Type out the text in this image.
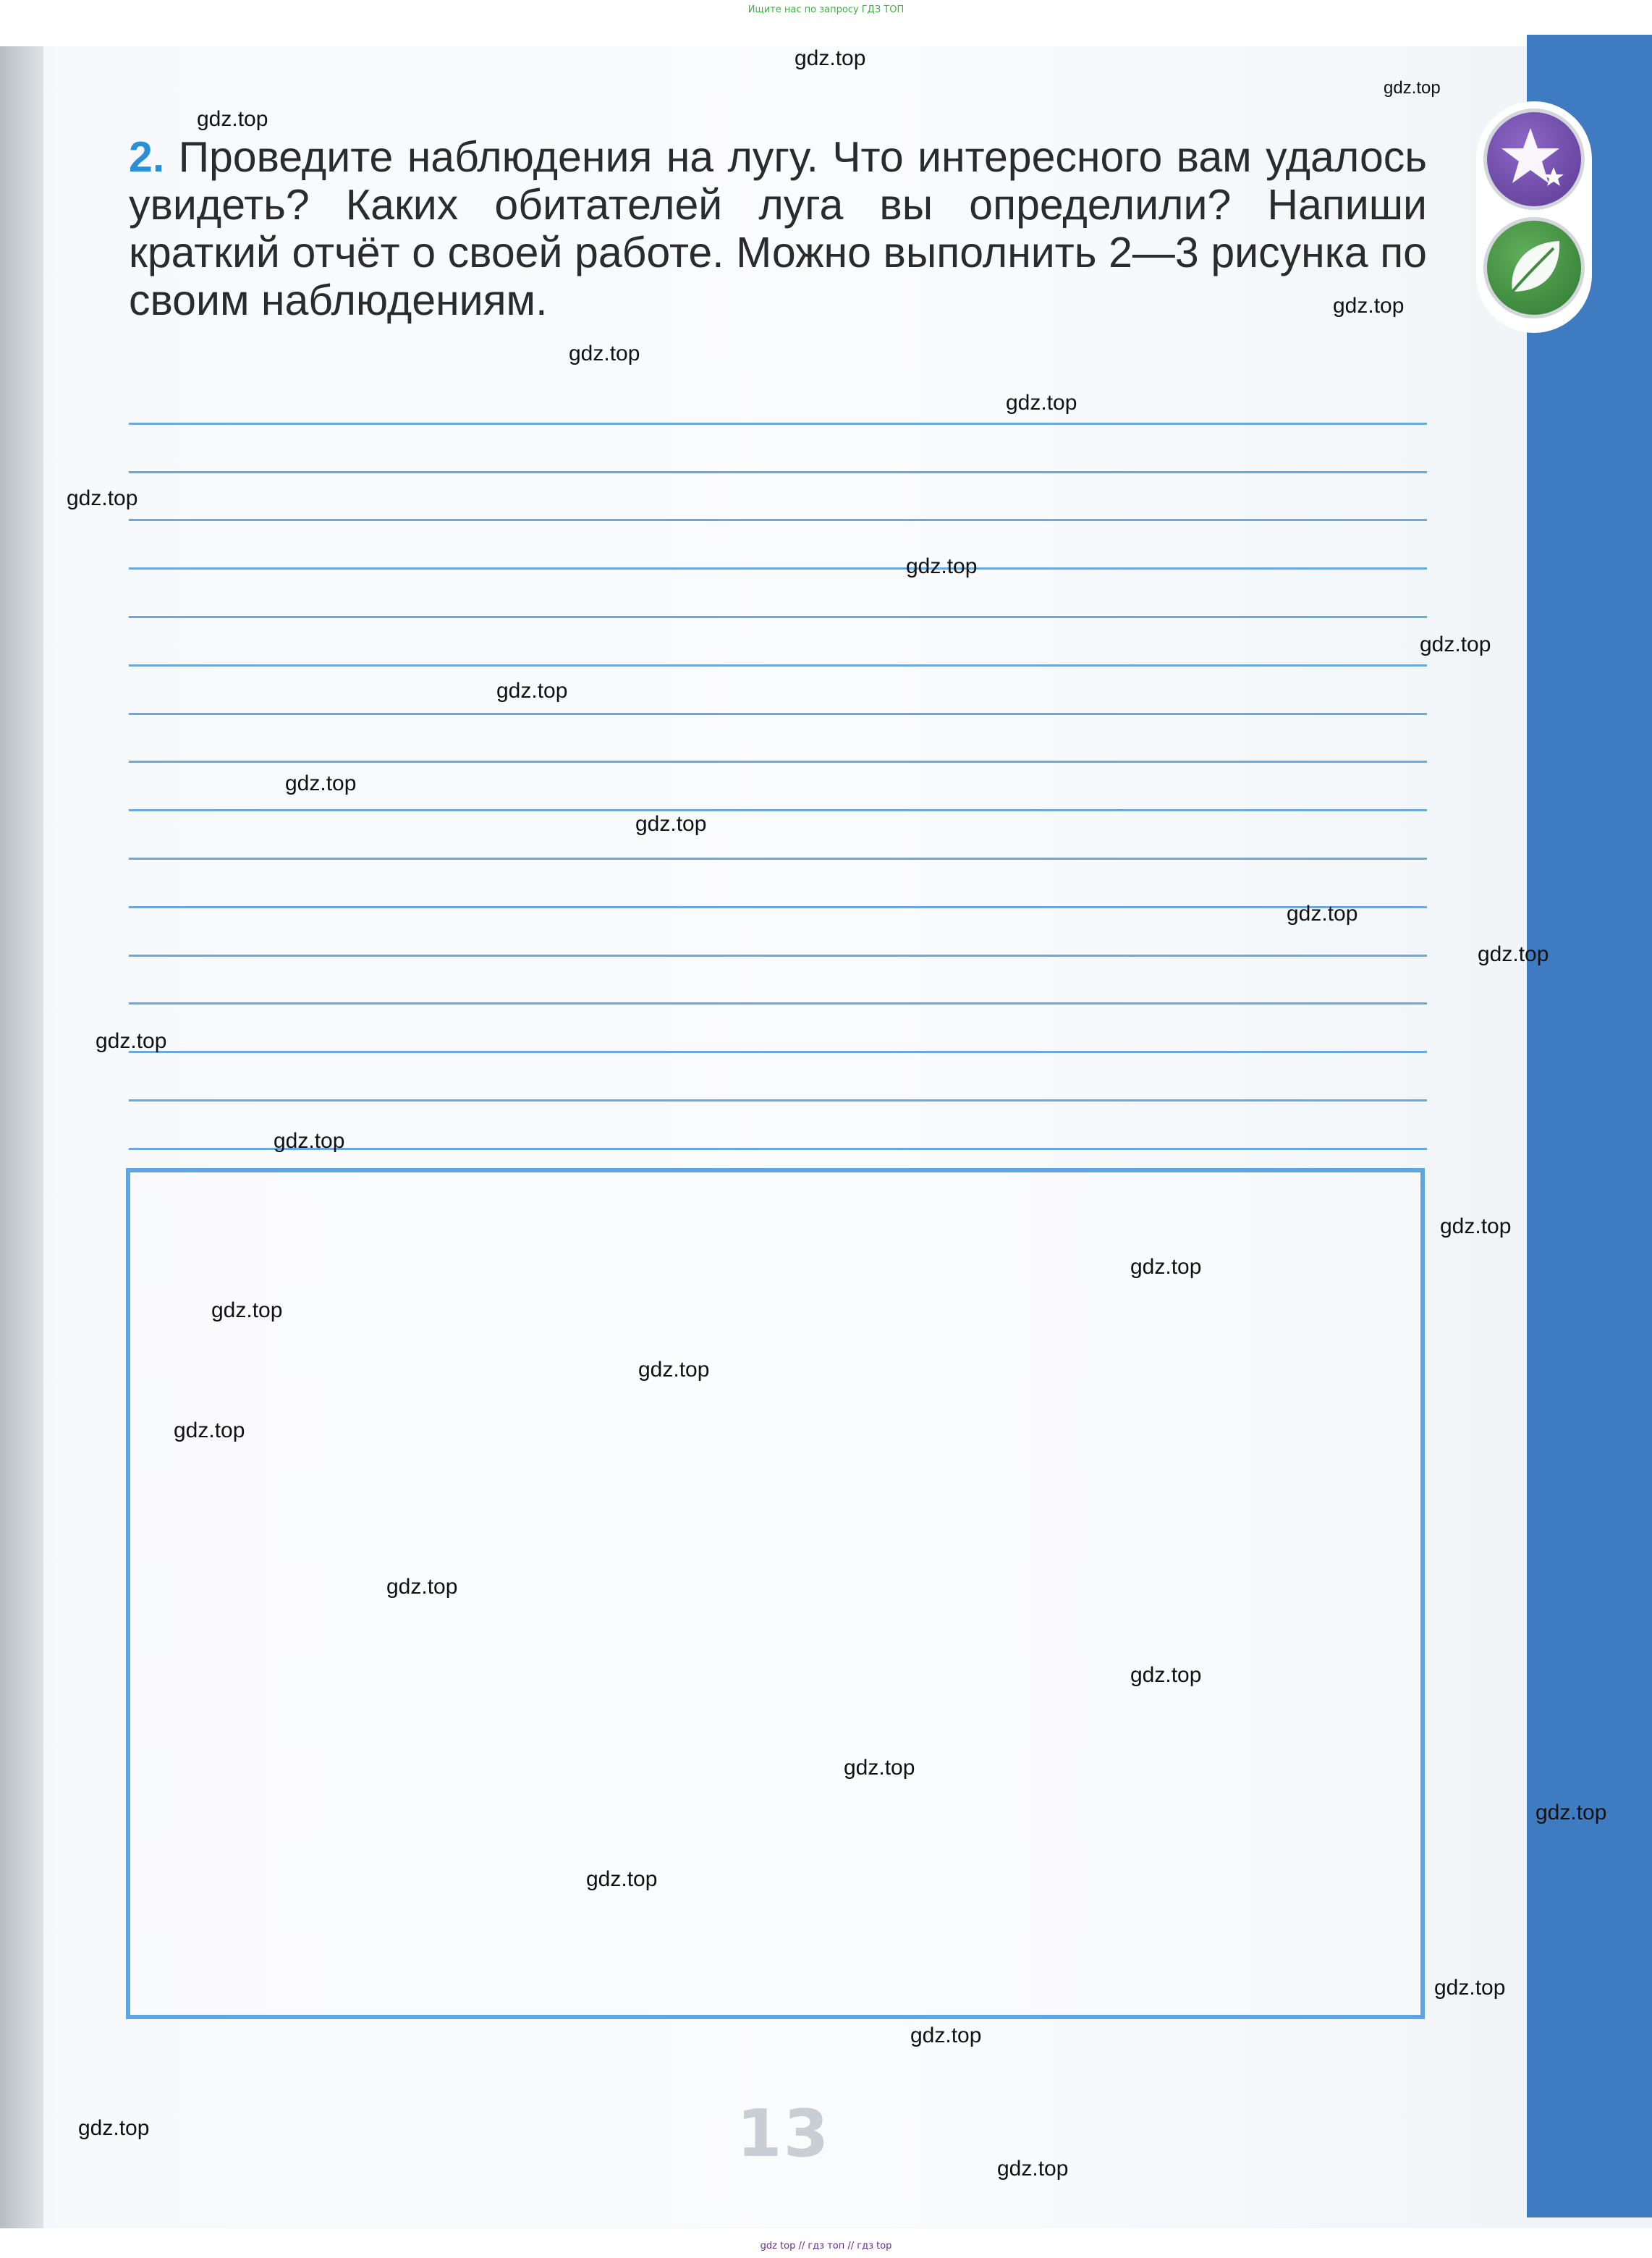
Ищите нас по запросу ГДЗ ТОП
2. Проведите наблюдения на лугу. Что интересного вам удалось увидеть? Каких обитателей луга вы определили? Напиши краткий отчёт о своей работе. Можно выполнить 2—3 рисунка по своим наблюдениям.
13
gdz.top
gdz.top
gdz.top
gdz.top
gdz.top
gdz.top
gdz.top
gdz.top
gdz.top
gdz.top
gdz.top
gdz.top
gdz.top
gdz.top
gdz.top
gdz.top
gdz.top
gdz.top
gdz.top
gdz.top
gdz.top
gdz.top
gdz.top
gdz.top
gdz.top
gdz.top
gdz.top
gdz.top
gdz.top
gdz.top
gdz top // гдз топ // гдз top
